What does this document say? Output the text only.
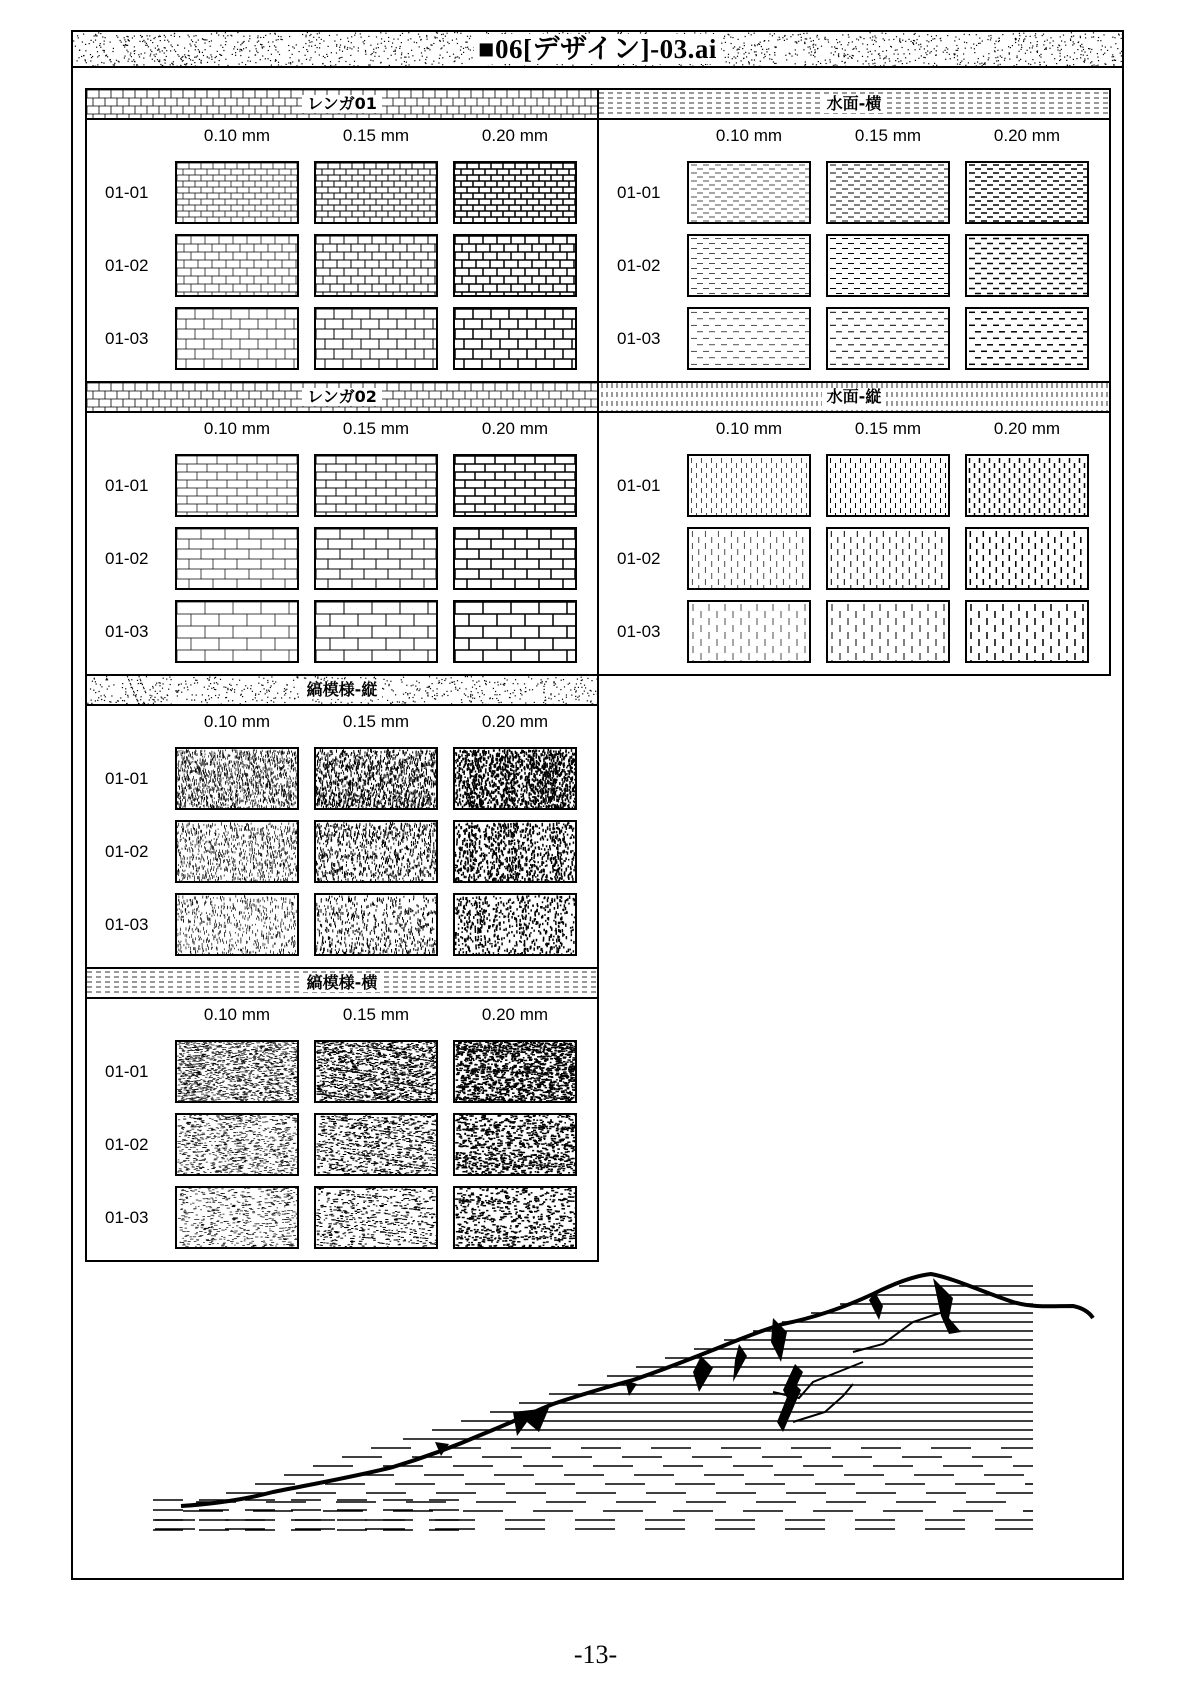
■06[デザイン]-03.ai
レンガ01
0.10 mm	0.15 mm	0.20 mm
01-01
01-02
01-03
水面-横
0.10 mm	0.15 mm	0.20 mm
01-01
01-02
01-03
レンガ02
0.10 mm	0.15 mm	0.20 mm
01-01
01-02
01-03
水面-縦
0.10 mm	0.15 mm	0.20 mm
01-01
01-02
01-03
縞模様-縦
0.10 mm	0.15 mm	0.20 mm
01-01
01-02
01-03
縞模様-横
0.10 mm	0.15 mm	0.20 mm
01-01
01-02
01-03
-13-
